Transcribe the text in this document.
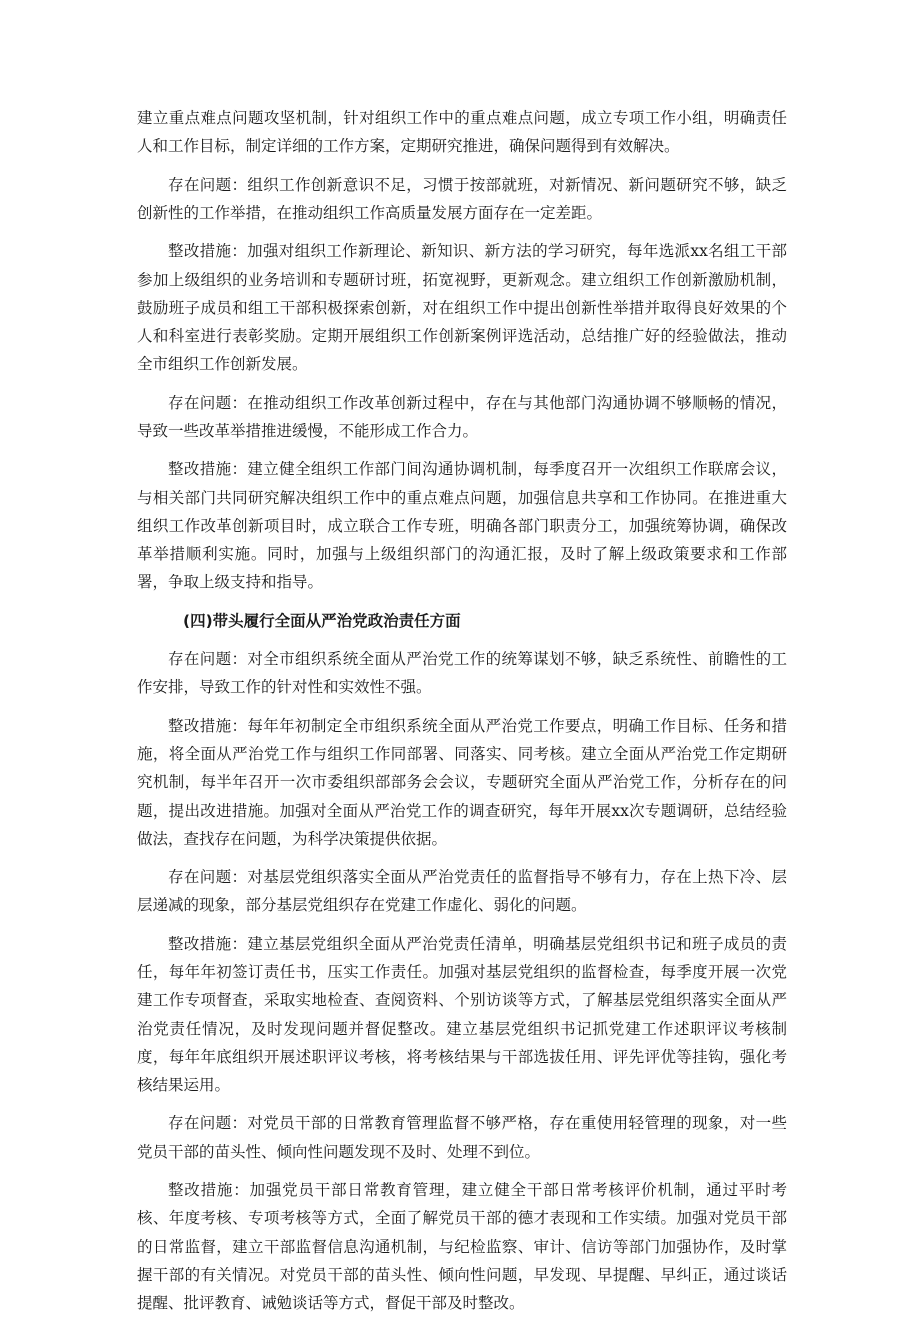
建立重点难点问题攻坚机制，针对组织工作中的重点难点问题，成立专项工作小组，明确责任人和工作目标，制定详细的工作方案，定期研究推进，确保问题得到有效解决。

存在问题：组织工作创新意识不足，习惯于按部就班，对新情况、新问题研究不够，缺乏创新性的工作举措，在推动组织工作高质量发展方面存在一定差距。

整改措施：加强对组织工作新理论、新知识、新方法的学习研究，每年选派xx名组工干部参加上级组织的业务培训和专题研讨班，拓宽视野，更新观念。建立组织工作创新激励机制，鼓励班子成员和组工干部积极探索创新，对在组织工作中提出创新性举措并取得良好效果的个人和科室进行表彰奖励。定期开展组织工作创新案例评选活动，总结推广好的经验做法，推动全市组织工作创新发展。

存在问题：在推动组织工作改革创新过程中，存在与其他部门沟通协调不够顺畅的情况，导致一些改革举措推进缓慢，不能形成工作合力。

整改措施：建立健全组织工作部门间沟通协调机制，每季度召开一次组织工作联席会议，与相关部门共同研究解决组织工作中的重点难点问题，加强信息共享和工作协同。在推进重大组织工作改革创新项目时，成立联合工作专班，明确各部门职责分工，加强统筹协调，确保改革举措顺利实施。同时，加强与上级组织部门的沟通汇报，及时了解上级政策要求和工作部署，争取上级支持和指导。

(四)带头履行全面从严治党政治责任方面

存在问题：对全市组织系统全面从严治党工作的统筹谋划不够，缺乏系统性、前瞻性的工作安排，导致工作的针对性和实效性不强。

整改措施：每年年初制定全市组织系统全面从严治党工作要点，明确工作目标、任务和措施，将全面从严治党工作与组织工作同部署、同落实、同考核。建立全面从严治党工作定期研究机制，每半年召开一次市委组织部部务会会议，专题研究全面从严治党工作，分析存在的问题，提出改进措施。加强对全面从严治党工作的调查研究，每年开展xx次专题调研，总结经验做法，查找存在问题，为科学决策提供依据。

存在问题：对基层党组织落实全面从严治党责任的监督指导不够有力，存在上热下冷、层层递减的现象，部分基层党组织存在党建工作虚化、弱化的问题。

整改措施：建立基层党组织全面从严治党责任清单，明确基层党组织书记和班子成员的责任，每年年初签订责任书，压实工作责任。加强对基层党组织的监督检查，每季度开展一次党建工作专项督查，采取实地检查、查阅资料、个别访谈等方式，了解基层党组织落实全面从严治党责任情况，及时发现问题并督促整改。建立基层党组织书记抓党建工作述职评议考核制度，每年年底组织开展述职评议考核，将考核结果与干部选拔任用、评先评优等挂钩，强化考核结果运用。

存在问题：对党员干部的日常教育管理监督不够严格，存在重使用轻管理的现象，对一些党员干部的苗头性、倾向性问题发现不及时、处理不到位。

整改措施：加强党员干部日常教育管理，建立健全干部日常考核评价机制，通过平时考核、年度考核、专项考核等方式，全面了解党员干部的德才表现和工作实绩。加强对党员干部的日常监督，建立干部监督信息沟通机制，与纪检监察、审计、信访等部门加强协作，及时掌握干部的有关情况。对党员干部的苗头性、倾向性问题，早发现、早提醒、早纠正，通过谈话提醒、批评教育、诫勉谈话等方式，督促干部及时整改。
